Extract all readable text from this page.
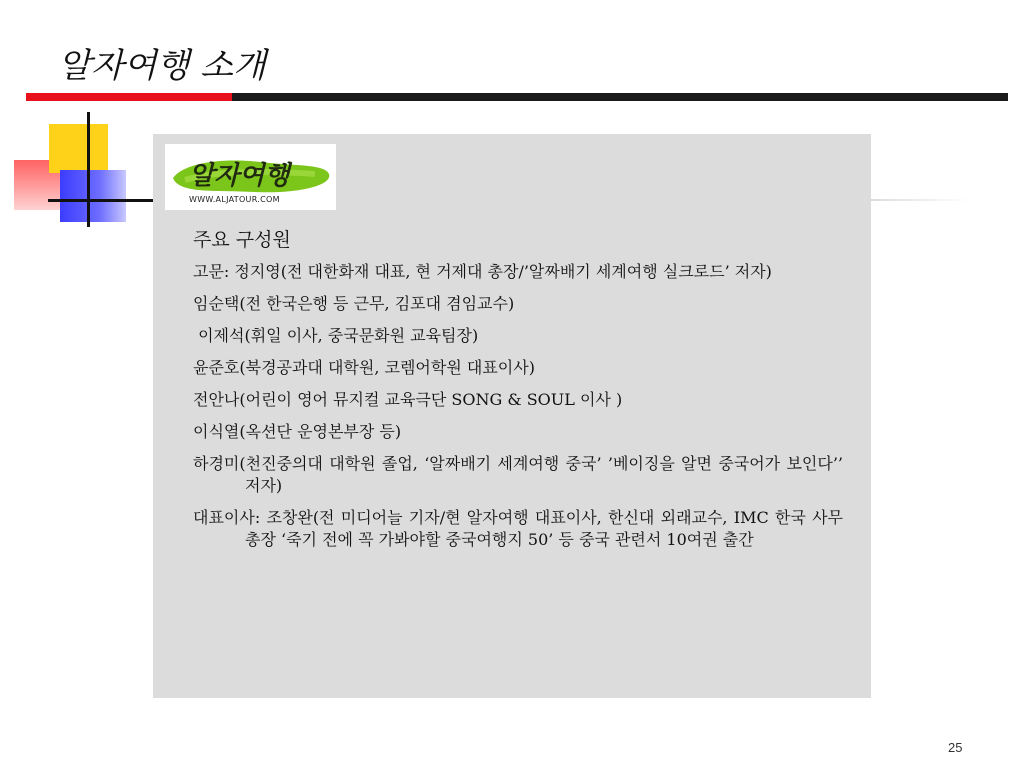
알자여행 소개
알자여행
WWW.ALJATOUR.COM
주요 구성원
고문: 정지영(전 대한화재 대표, 현 거제대 총장/’알짜배기 세계여행 실크로드’ 저자)
임순택(전 한국은행 등 근무, 김포대 겸임교수)
이제석(휘일 이사, 중국문화원 교육팀장)
윤준호(북경공과대 대학원, 코렘어학원 대표이사)
전안나(어린이 영어 뮤지컬 교육극단 SONG & SOUL 이사 )
이식열(옥션단 운영본부장 등)
하경미(천진중의대 대학원 졸업, ‘알짜배기 세계여행 중국’ ’베이징을 알면 중국어가 보인다’’ 저자)
대표이사: 조창완(전 미디어늘 기자/현 알자여행 대표이사, 한신대 외래교수, IMC 한국 사무총장 ‘죽기 전에 꼭 가봐야할 중국여행지 50’ 등 중국 관련서 10여권 출간
25
